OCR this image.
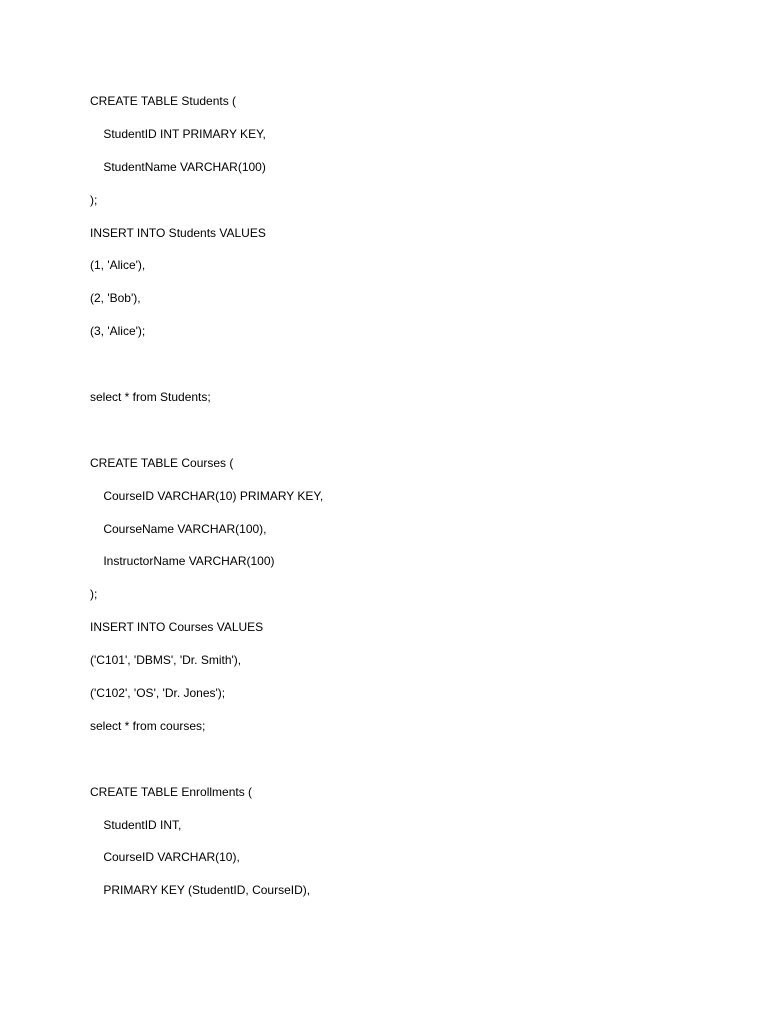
CREATE TABLE Students (
StudentID INT PRIMARY KEY,
StudentName VARCHAR(100)
);
INSERT INTO Students VALUES
(1, 'Alice'),
(2, 'Bob'),
(3, 'Alice');
select * from Students;
CREATE TABLE Courses (
CourseID VARCHAR(10) PRIMARY KEY,
CourseName VARCHAR(100),
InstructorName VARCHAR(100)
);
INSERT INTO Courses VALUES
('C101', 'DBMS', 'Dr. Smith'),
('C102', 'OS', 'Dr. Jones');
select * from courses;
CREATE TABLE Enrollments (
StudentID INT,
CourseID VARCHAR(10),
PRIMARY KEY (StudentID, CourseID),
